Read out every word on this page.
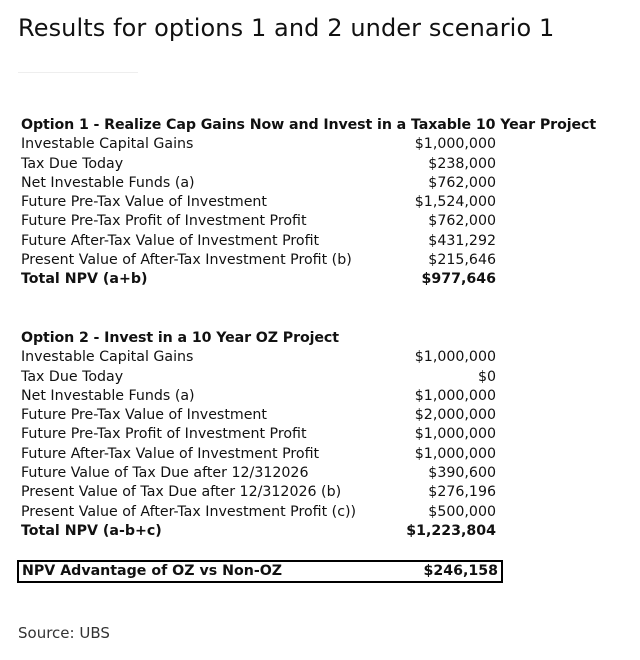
Results for options 1 and 2 under scenario 1
Option 1 - Realize Cap Gains Now and Invest in a Taxable 10 Year Project
Investable Capital Gains	$1,000,000
Tax Due Today	$238,000
Net Investable Funds (a)	$762,000
Future Pre-Tax Value of Investment	$1,524,000
Future Pre-Tax Profit of Investment Profit	$762,000
Future After-Tax Value of Investment Profit	$431,292
Present Value of After-Tax Investment Profit (b)	$215,646
Total NPV (a+b)	$977,646
Option 2 - Invest in a 10 Year OZ Project
Investable Capital Gains	$1,000,000
Tax Due Today	$0
Net Investable Funds (a)	$1,000,000
Future Pre-Tax Value of Investment	$2,000,000
Future Pre-Tax Profit of Investment Profit	$1,000,000
Future After-Tax Value of Investment Profit	$1,000,000
Future Value of Tax Due after 12/312026	$390,600
Present Value of Tax Due after 12/312026 (b)	$276,196
Present Value of After-Tax Investment Profit (c))	$500,000
Total NPV (a-b+c)	$1,223,804
NPV Advantage of OZ vs Non-OZ	$246,158
Source: UBS
